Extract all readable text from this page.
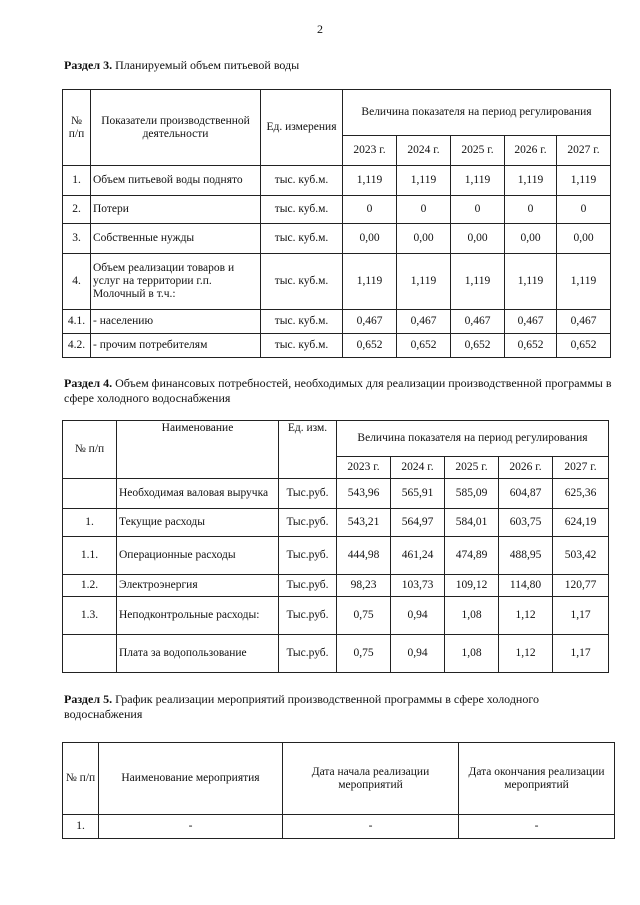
2
Раздел 3. Планируемый объем питьевой воды
№ п/п	Показатели производственной деятельности	Ед. измерения	Величина показателя на период регулирования				
			2023 г.	2024 г.	2025 г.	2026 г.	2027 г.
1.	Объем питьевой воды поднято	тыс. куб.м.	1,119	1,119	1,119	1,119	1,119
2.	Потери	тыс. куб.м.	0	0	0	0	0
3.	Собственные нужды	тыс. куб.м.	0,00	0,00	0,00	0,00	0,00
4.	Объем реализации товаров и услуг на территории г.п. Молочный в т.ч.:	тыс. куб.м.	1,119	1,119	1,119	1,119	1,119
4.1.	- населению	тыс. куб.м.	0,467	0,467	0,467	0,467	0,467
4.2.	- прочим потребителям	тыс. куб.м.	0,652	0,652	0,652	0,652	0,652
Раздел 4. Объем финансовых потребностей, необходимых для реализации производственной программы в сфере холодного водоснабжения
№ п/п	Наименование	Ед. изм.	Величина показателя на период регулирования				
			2023 г.	2024 г.	2025 г.	2026 г.	2027 г.
	Необходимая валовая выручка	Тыс.руб.	543,96	565,91	585,09	604,87	625,36
1.	Текущие расходы	Тыс.руб.	543,21	564,97	584,01	603,75	624,19
1.1.	Операционные расходы	Тыс.руб.	444,98	461,24	474,89	488,95	503,42
1.2.	Электроэнергия	Тыс.руб.	98,23	103,73	109,12	114,80	120,77
1.3.	Неподконтрольные расходы:	Тыс.руб.	0,75	0,94	1,08	1,12	1,17
	Плата за водопользование	Тыс.руб.	0,75	0,94	1,08	1,12	1,17
Раздел 5. График реализации мероприятий производственной программы в сфере холодного водоснабжения
№ п/п	Наименование мероприятия	Дата начала реализации мероприятий	Дата окончания реализации мероприятий
1.	-	-	-
